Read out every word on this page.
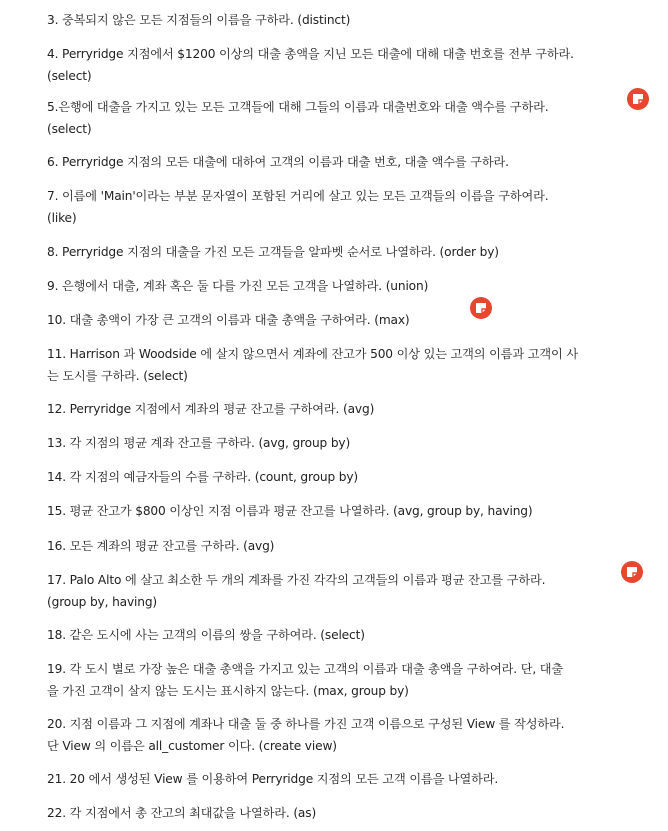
3. 중복되지 않은 모든 지점들의 이름을 구하라. (distinct)
4. Perryridge 지점에서 $1200 이상의 대출 총액을 지닌 모든 대출에 대해 대출 번호를 전부 구하라.
(select)
5.은행에 대출을 가지고 있는 모든 고객들에 대해 그들의 이름과 대출번호와 대출 액수를 구하라.
(select)
6. Perryridge 지점의 모든 대출에 대하여 고객의 이름과 대출 번호, 대출 액수를 구하라.
7. 이름에 'Main'이라는 부분 문자열이 포함된 거리에 살고 있는 모든 고객들의 이름을 구하여라.
(like)
8. Perryridge 지점의 대출을 가진 모든 고객들을 알파벳 순서로 나열하라. (order by)
9. 은행에서 대출, 계좌 혹은 둘 다를 가진 모든 고객을 나열하라. (union)
10. 대출 총액이 가장 큰 고객의 이름과 대출 총액을 구하여라. (max)
11. Harrison 과 Woodside 에 살지 않으면서 계좌에 잔고가 500 이상 있는 고객의 이름과 고객이 사
는 도시를 구하라. (select)
12. Perryridge 지점에서 계좌의 평균 잔고를 구하여라. (avg)
13. 각 지점의 평균 계좌 잔고를 구하라. (avg, group by)
14. 각 지점의 예금자들의 수를 구하라. (count, group by)
15. 평균 잔고가 $800 이상인 지점 이름과 평균 잔고를 나열하라. (avg, group by, having)
16. 모든 계좌의 평균 잔고를 구하라. (avg)
17. Palo Alto 에 살고 최소한 두 개의 계좌를 가진 각각의 고객들의 이름과 평균 잔고를 구하라.
(group by, having)
18. 같은 도시에 사는 고객의 이름의 쌍을 구하여라. (select)
19. 각 도시 별로 가장 높은 대출 총액을 가지고 있는 고객의 이름과 대출 총액을 구하여라. 단, 대출
을 가진 고객이 살지 않는 도시는 표시하지 않는다. (max, group by)
20. 지점 이름과 그 지점에 계좌나 대출 둘 중 하나를 가진 고객 이름으로 구성된 View 를 작성하라.
단 View 의 이름은 all_customer 이다. (create view)
21. 20 에서 생성된 View 를 이용하여 Perryridge 지점의 모든 고객 이름을 나열하라.
22. 각 지점에서 총 잔고의 최대값을 나열하라. (as)
